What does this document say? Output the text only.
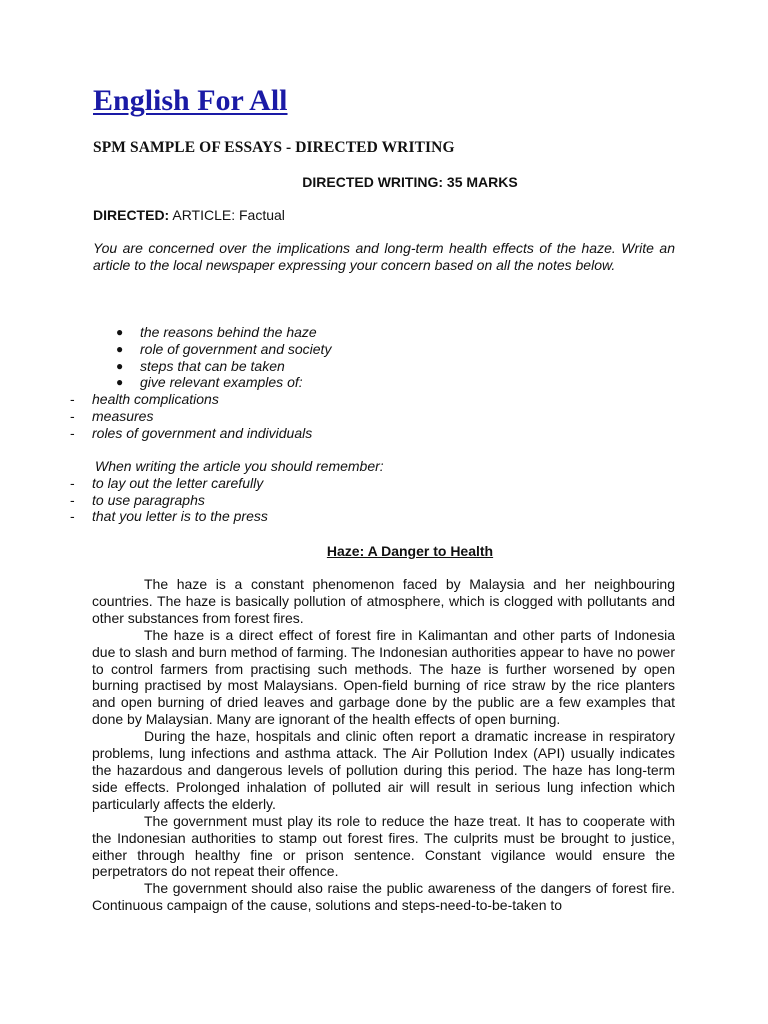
English For All
SPM SAMPLE OF ESSAYS - DIRECTED WRITING
DIRECTED WRITING: 35 MARKS
DIRECTED: ARTICLE: Factual
You are concerned over the implications and long-term health effects of the haze. Write an article to the local newspaper expressing your concern based on all the notes below.
● the reasons behind the haze
● role of government and society
● steps that can be taken
● give relevant examples of:
- health complications
- measures
- roles of government and individuals
When writing the article you should remember:
- to lay out the letter carefully
- to use paragraphs
- that you letter is to the press
Haze: A Danger to Health

The haze is a constant phenomenon faced by Malaysia and her neighbouring countries. The haze is basically pollution of atmosphere, which is clogged with pollutants and other substances from forest fires.

The haze is a direct effect of forest fire in Kalimantan and other parts of Indonesia due to slash and burn method of farming. The Indonesian authorities appear to have no power to control farmers from practising such methods. The haze is further worsened by open burning practised by most Malaysians. Open-field burning of rice straw by the rice planters and open burning of dried leaves and garbage done by the public are a few examples that done by Malaysian. Many are ignorant of the health effects of open burning.

During the haze, hospitals and clinic often report a dramatic increase in respiratory problems, lung infections and asthma attack. The Air Pollution Index (API) usually indicates the hazardous and dangerous levels of pollution during this period. The haze has long-term side effects. Prolonged inhalation of polluted air will result in serious lung infection which particularly affects the elderly.

The government must play its role to reduce the haze treat. It has to cooperate with the Indonesian authorities to stamp out forest fires. The culprits must be brought to justice, either through healthy fine or prison sentence. Constant vigilance would ensure the perpetrators do not repeat their offence.

The government should also raise the public awareness of the dangers of forest fire. Continuous campaign of the cause, solutions and steps-need-to-be-taken to
